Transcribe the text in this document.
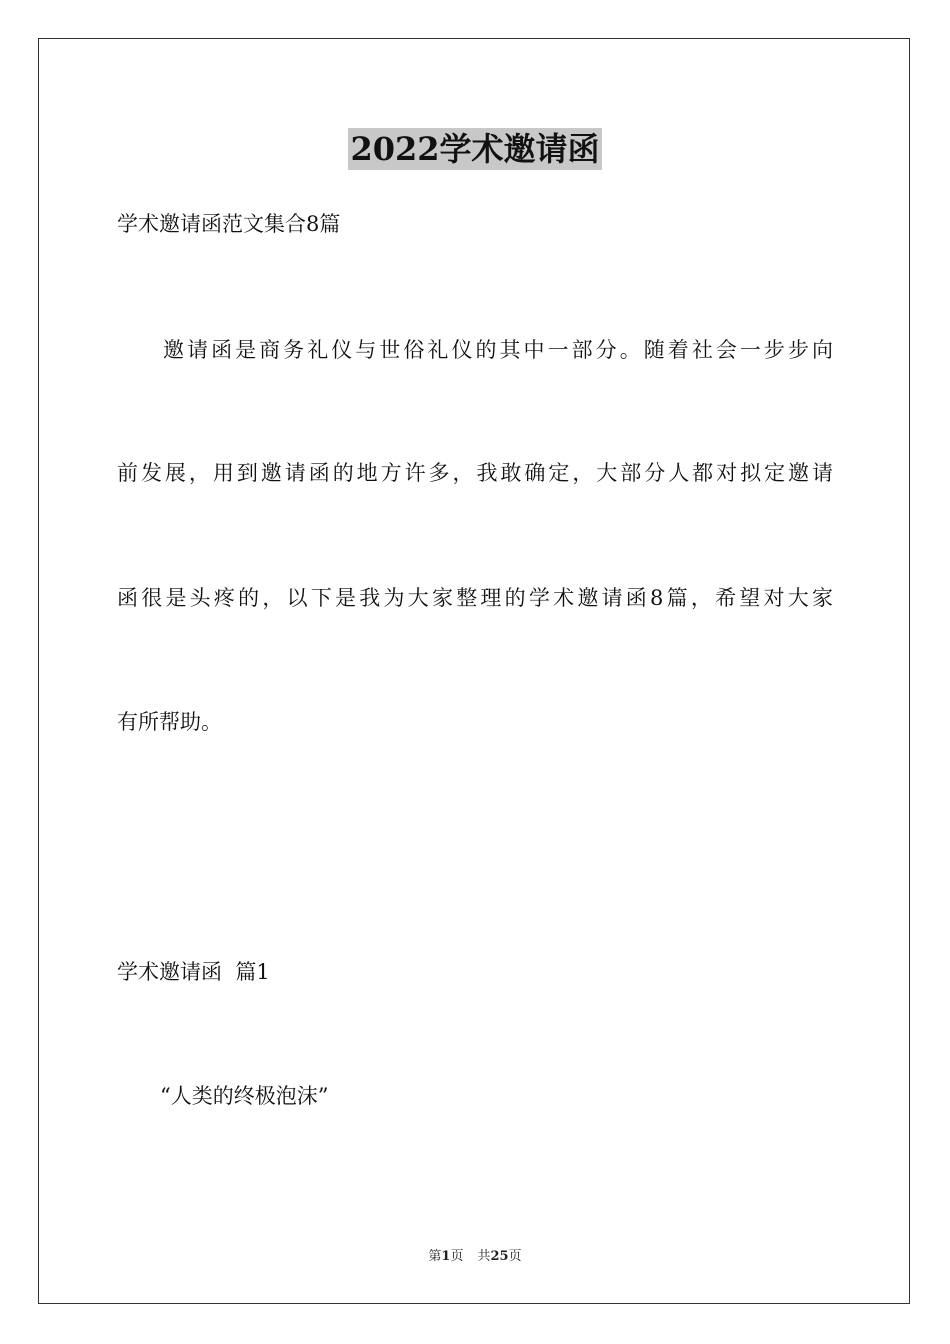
2022学术邀请函
学术邀请函范文集合8篇
邀请函是商务礼仪与世俗礼仪的其中一部分。随着社会一步步向
前发展，用到邀请函的地方许多，我敢确定，大部分人都对拟定邀请
函很是头疼的，以下是我为大家整理的学术邀请函8篇，希望对大家
有所帮助。
学术邀请函  篇1
“人类的终极泡沫”
第1页 共25页
